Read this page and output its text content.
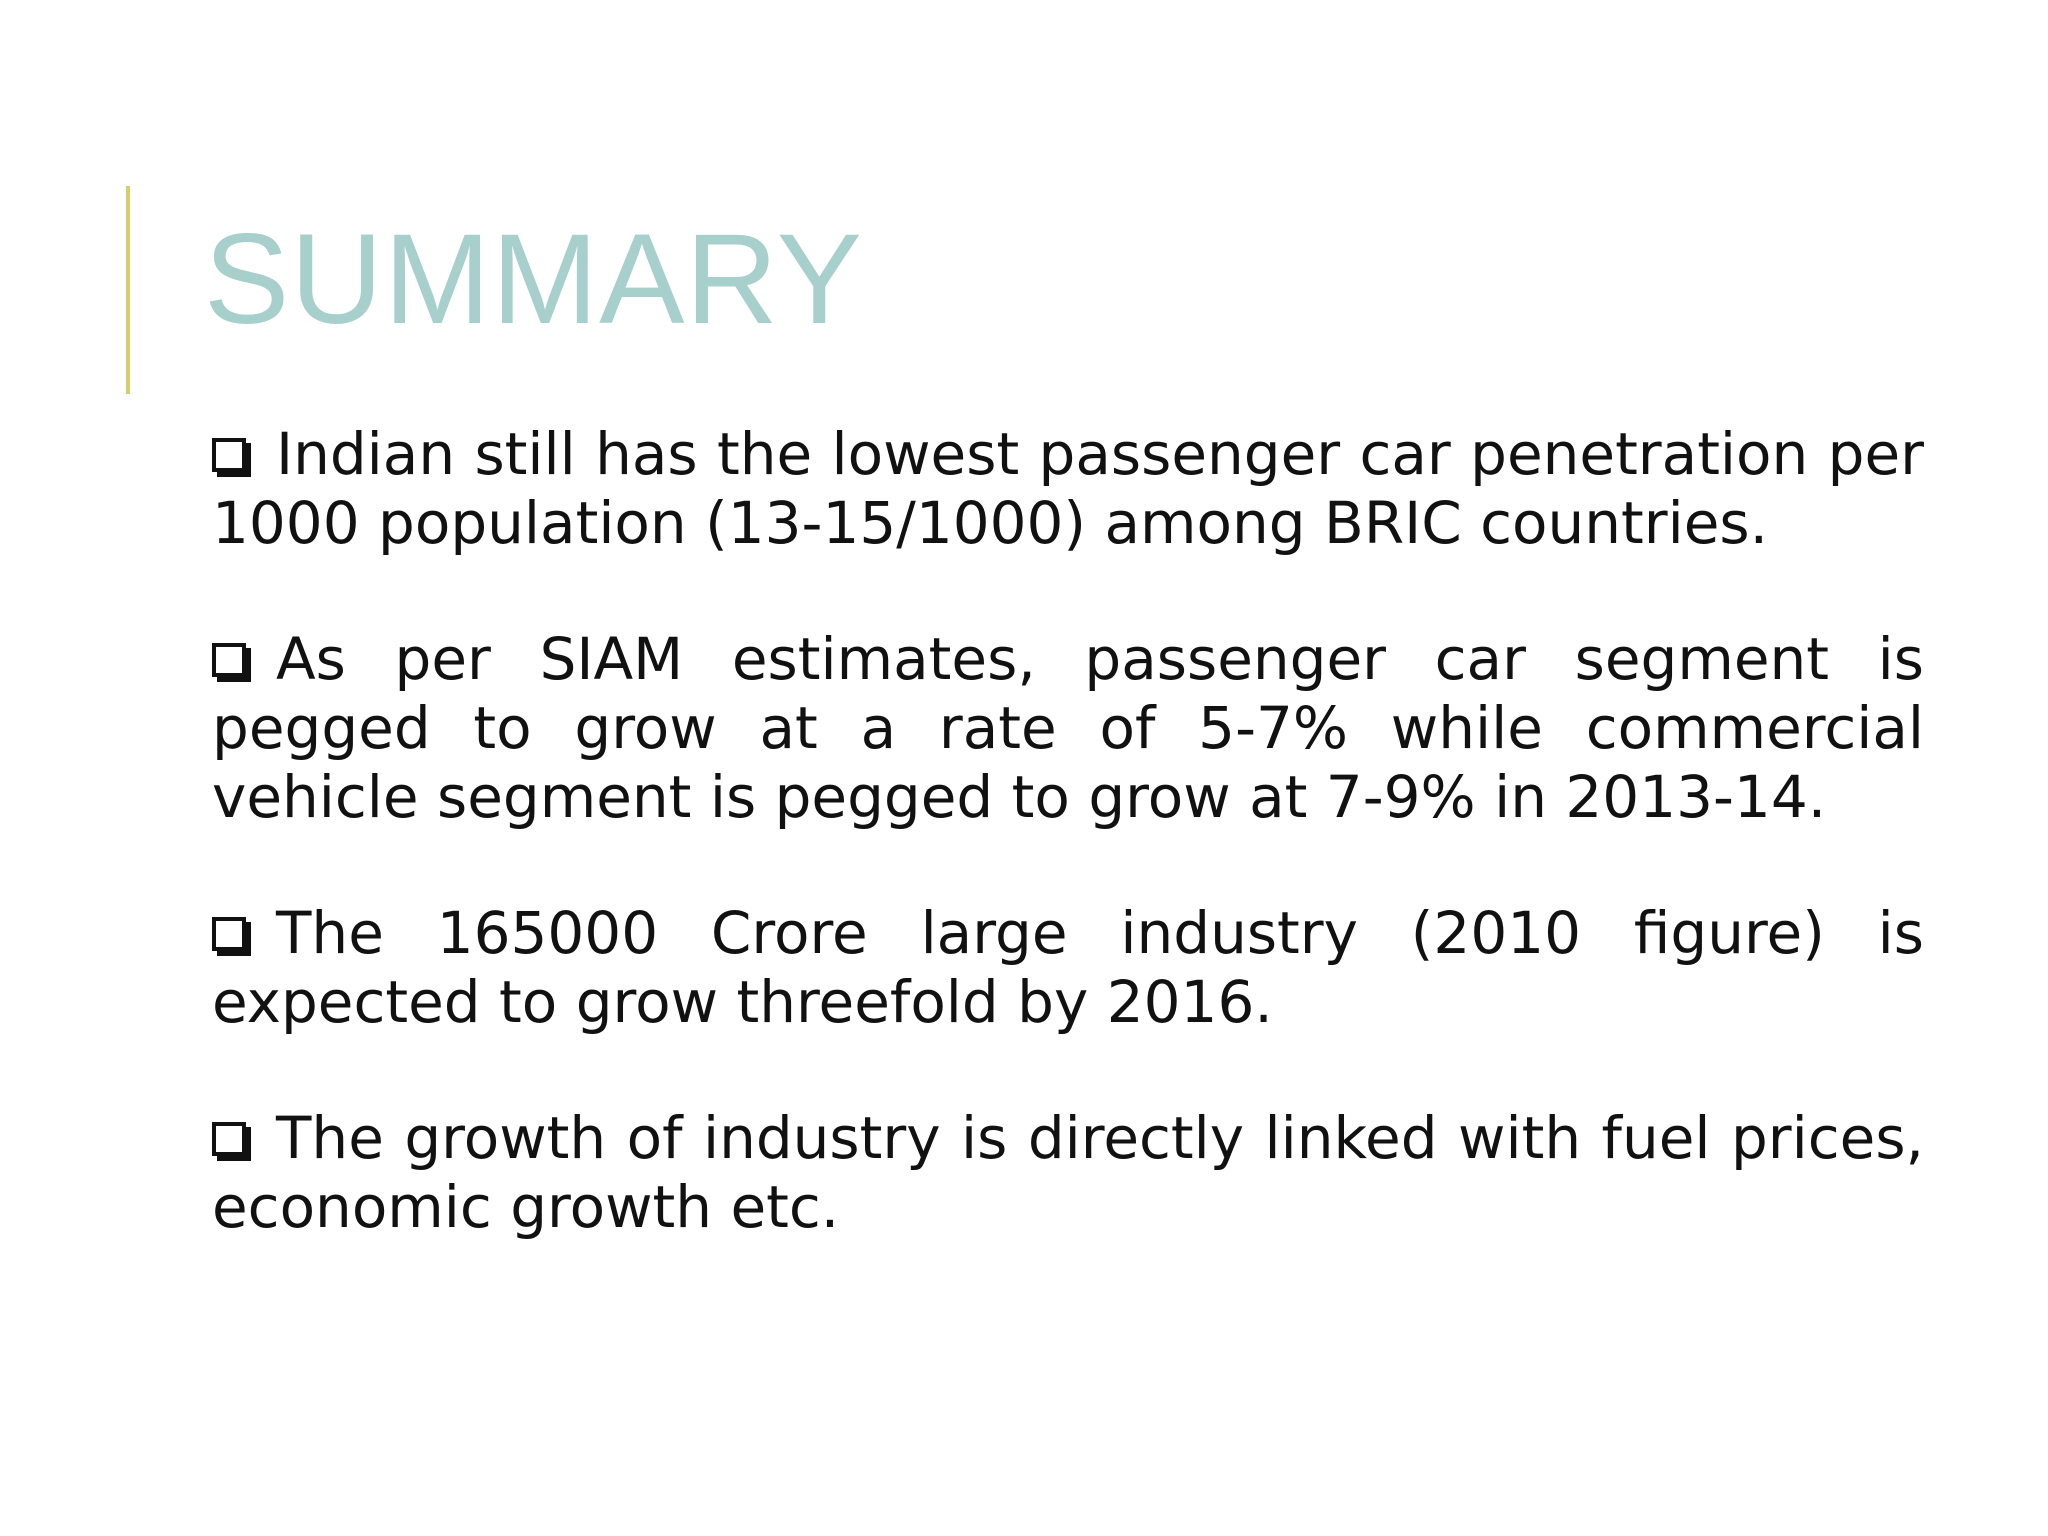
SUMMARY
Indian still has the lowest passenger car penetration per 1000 population (13-15/1000) among BRIC countries.
As per SIAM estimates, passenger car segment is pegged to grow at a rate of 5-7% while commercial vehicle segment is pegged to grow at 7-9% in 2013-14.
The 165000 Crore large industry (2010 figure) is expected to grow threefold by 2016.
The growth of industry is directly linked with fuel prices, economic growth etc.
